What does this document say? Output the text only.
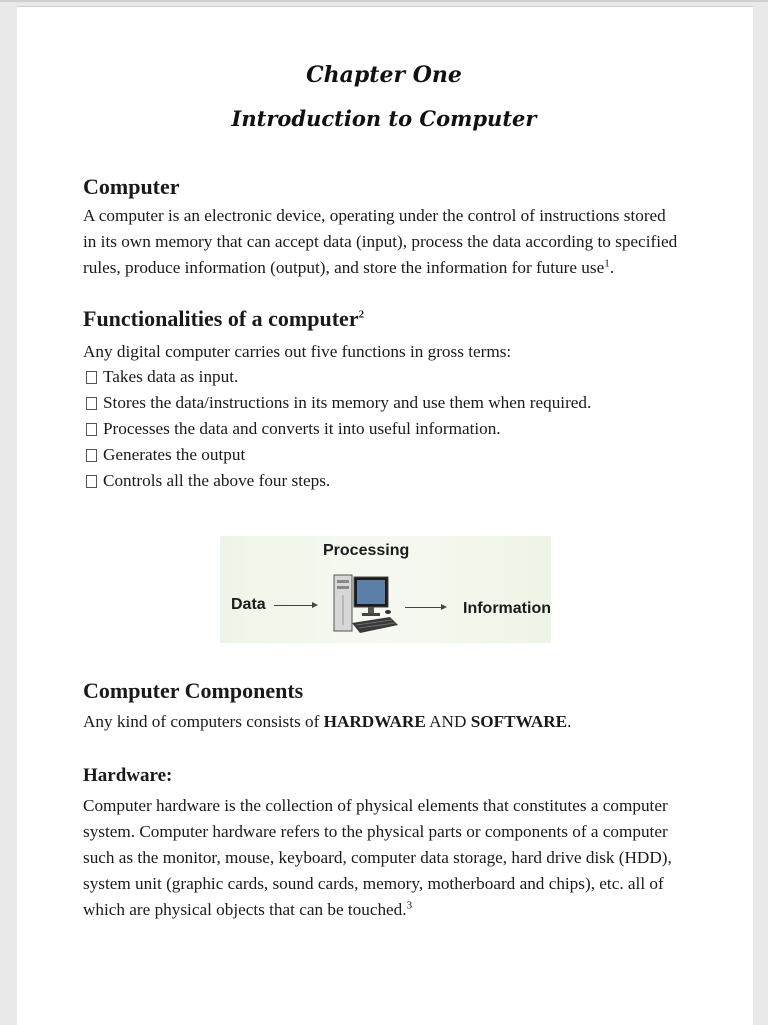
Chapter One
Introduction to Computer
Computer

A computer is an electronic device, operating under the control of instructions stored
in its own memory that can accept data (input), process the data according to specified
rules, produce information (output), and store the information for future use$^1$.

Functionalities of a computer$^2$

Any digital computer carries out five functions in gross terms:

Takes data as input.
Stores the data/instructions in its memory and use them when required.
Processes the data and converts it into useful information.
Generates the output
Controls all the above four steps.
Processing
Data	Information
Computer Components

Any kind of computers consists of HARDWARE AND SOFTWARE.

Hardware:

Computer hardware is the collection of physical elements that constitutes a computer
system. Computer hardware refers to the physical parts or components of a computer
such as the monitor, mouse, keyboard, computer data storage, hard drive disk (HDD),
system unit (graphic cards, sound cards, memory, motherboard and chips), etc. all of
which are physical objects that can be touched.$^3$
